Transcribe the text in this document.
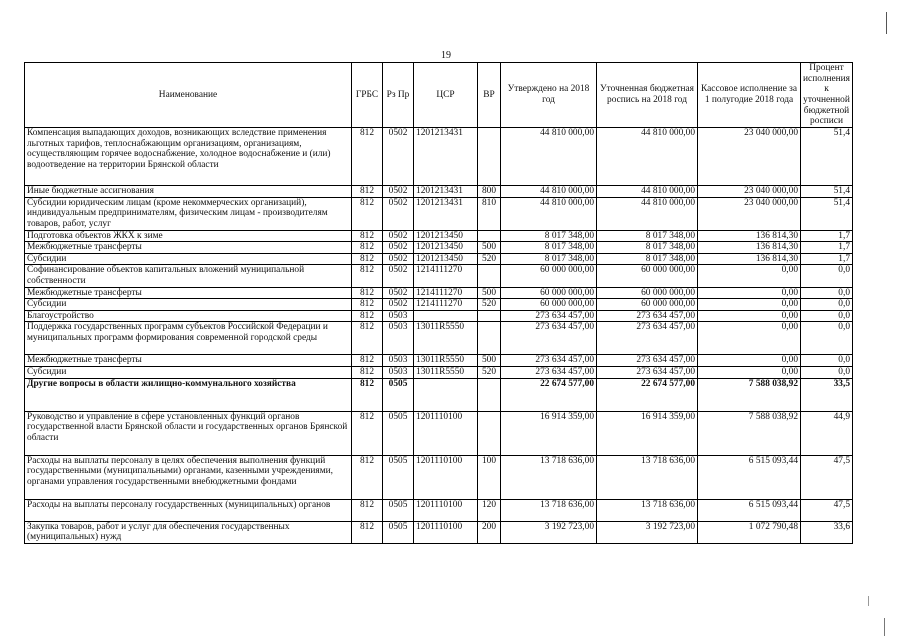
19
Наименование	ГРБС	Рз Пр	ЦСР	ВР	Утверждено на 2018 год	Уточненная бюджетная роспись на 2018 год	Кассовое исполнение за 1 полугодие 2018 года	Процент исполнения к уточненной бюджетной росписи
Компенсация выпадающих доходов, возникающих вследствие применения льготных тарифов, теплоснабжающим организациям, организациям, осуществляющим горячее водоснабжение, холодное водоснабжение и (или) водоотведение на территории Брянской области	812	0502	1201213431		44 810 000,00	44 810 000,00	23 040 000,00	51,4
Иные бюджетные ассигнования	812	0502	1201213431	800	44 810 000,00	44 810 000,00	23 040 000,00	51,4
Субсидии юридическим лицам (кроме некоммерческих организаций), индивидуальным предпринимателям, физическим лицам - производителям товаров, работ, услуг	812	0502	1201213431	810	44 810 000,00	44 810 000,00	23 040 000,00	51,4
Подготовка объектов ЖКХ к зиме	812	0502	1201213450		8 017 348,00	8 017 348,00	136 814,30	1,7
Межбюджетные трансферты	812	0502	1201213450	500	8 017 348,00	8 017 348,00	136 814,30	1,7
Субсидии	812	0502	1201213450	520	8 017 348,00	8 017 348,00	136 814,30	1,7
Софинансирование объектов капитальных вложений муниципальной собственности	812	0502	1214111270		60 000 000,00	60 000 000,00	0,00	0,0
Межбюджетные трансферты	812	0502	1214111270	500	60 000 000,00	60 000 000,00	0,00	0,0
Субсидии	812	0502	1214111270	520	60 000 000,00	60 000 000,00	0,00	0,0
Благоустройство	812	0503			273 634 457,00	273 634 457,00	0,00	0,0
Поддержка государственных программ субъектов Российской Федерации и муниципальных программ формирования современной городской среды	812	0503	13011R5550		273 634 457,00	273 634 457,00	0,00	0,0
Межбюджетные трансферты	812	0503	13011R5550	500	273 634 457,00	273 634 457,00	0,00	0,0
Субсидии	812	0503	13011R5550	520	273 634 457,00	273 634 457,00	0,00	0,0
Другие вопросы в области жилищно-коммунального хозяйства	812	0505			22 674 577,00	22 674 577,00	7 588 038,92	33,5
Руководство и управление в сфере установленных функций органов государственной власти Брянской области и государственных органов Брянской области	812	0505	1201110100		16 914 359,00	16 914 359,00	7 588 038,92	44,9
Расходы на выплаты персоналу в целях обеспечения выполнения функций государственными (муниципальными) органами, казенными учреждениями, органами управления государственными внебюджетными фондами	812	0505	1201110100	100	13 718 636,00	13 718 636,00	6 515 093,44	47,5
Расходы на выплаты персоналу государственных (муниципальных) органов	812	0505	1201110100	120	13 718 636,00	13 718 636,00	6 515 093,44	47,5
Закупка товаров, работ и услуг для обеспечения государственных (муниципальных) нужд	812	0505	1201110100	200	3 192 723,00	3 192 723,00	1 072 790,48	33,6
